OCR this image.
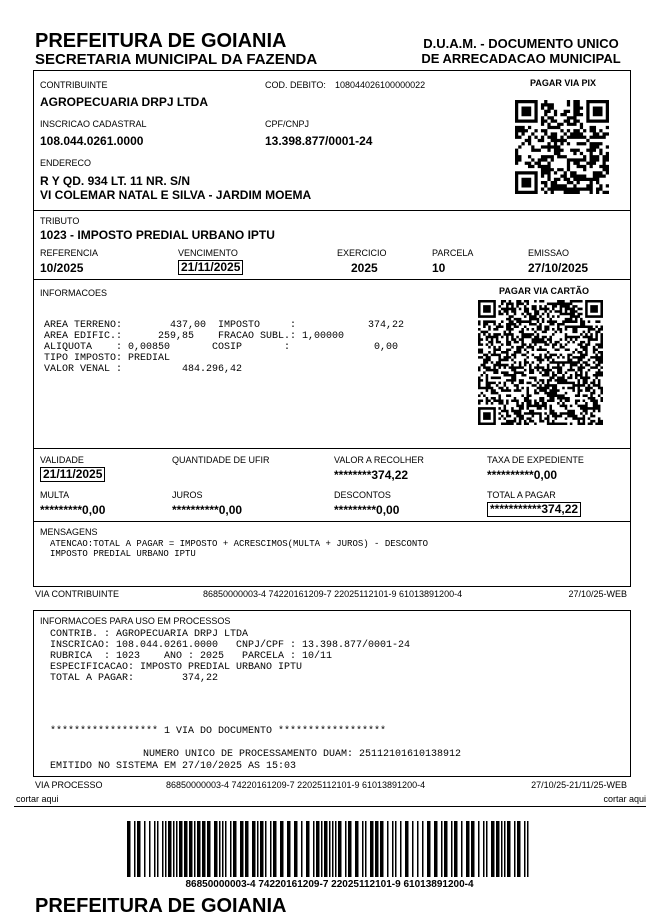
PREFEITURA DE GOIANIA
SECRETARIA MUNICIPAL DA FAZENDA
D.U.A.M. - DOCUMENTO UNICO
DE ARRECADACAO MUNICIPAL
CONTRIBUINTE
AGROPECUARIA DRPJ LTDA
COD. DEBITO: 108044026100000022	PAGAR VIA PIX
INSCRICAO CADASTRAL
108.044.0261.0000
CPF/CNPJ
13.398.877/0001-24
ENDERECO
R Y QD. 934 LT. 11 NR. S/N
VI COLEMAR NATAL E SILVA - JARDIM MOEMA
TRIBUTO
1023 - IMPOSTO PREDIAL URBANO IPTU
REFERENCIA
10/2025
VENCIMENTO
21/11/2025
EXERCICIO
2025
PARCELA
10
EMISSAO
27/10/2025
INFORMACOES	PAGAR VIA CARTÃO
AREA TERRENO:        437,00  IMPOSTO     :            374,22
AREA EDIFIC.:      259,85    FRACAO SUBL.: 1,00000
ALIQUOTA    : 0,00850       COSIP       :              0,00
TIPO IMPOSTO: PREDIAL
VALOR VENAL :          484.296,42
VALIDADE
21/11/2025
QUANTIDADE DE UFIR	VALOR A RECOLHER
********374,22
TAXA DE EXPEDIENTE
**********0,00
MULTA
*********0,00
JUROS
**********0,00
DESCONTOS
*********0,00
TOTAL A PAGAR
***********374,22
MENSAGENS
ATENCAO:TOTAL A PAGAR = IMPOSTO + ACRESCIMOS(MULTA + JUROS) - DESCONTO
IMPOSTO PREDIAL URBANO IPTU
VIA CONTRIBUINTE	86850000003-4 74220161209-7 22025112101-9 61013891200-4	27/10/25-WEB
INFORMACOES PARA USO EM PROCESSOS
CONTRIB. : AGROPECUARIA DRPJ LTDA
INSCRICAO: 108.044.0261.0000   CNPJ/CPF : 13.398.877/0001-24
RUBRICA  : 1023    ANO : 2025   PARCELA : 10/11
ESPECIFICACAO: IMPOSTO PREDIAL URBANO IPTU
TOTAL A PAGAR:        374,22
****************** 1 VIA DO DOCUMENTO ******************
NUMERO UNICO DE PROCESSAMENTO DUAM: 25112101610138912
EMITIDO NO SISTEMA EM 27/10/2025 AS 15:03
VIA PROCESSO	86850000003-4 74220161209-7 22025112101-9 61013891200-4	27/10/25-21/11/25-WEB
cortar aqui	cortar aqui
86850000003-4 74220161209-7 22025112101-9 61013891200-4
PREFEITURA DE GOIANIA
